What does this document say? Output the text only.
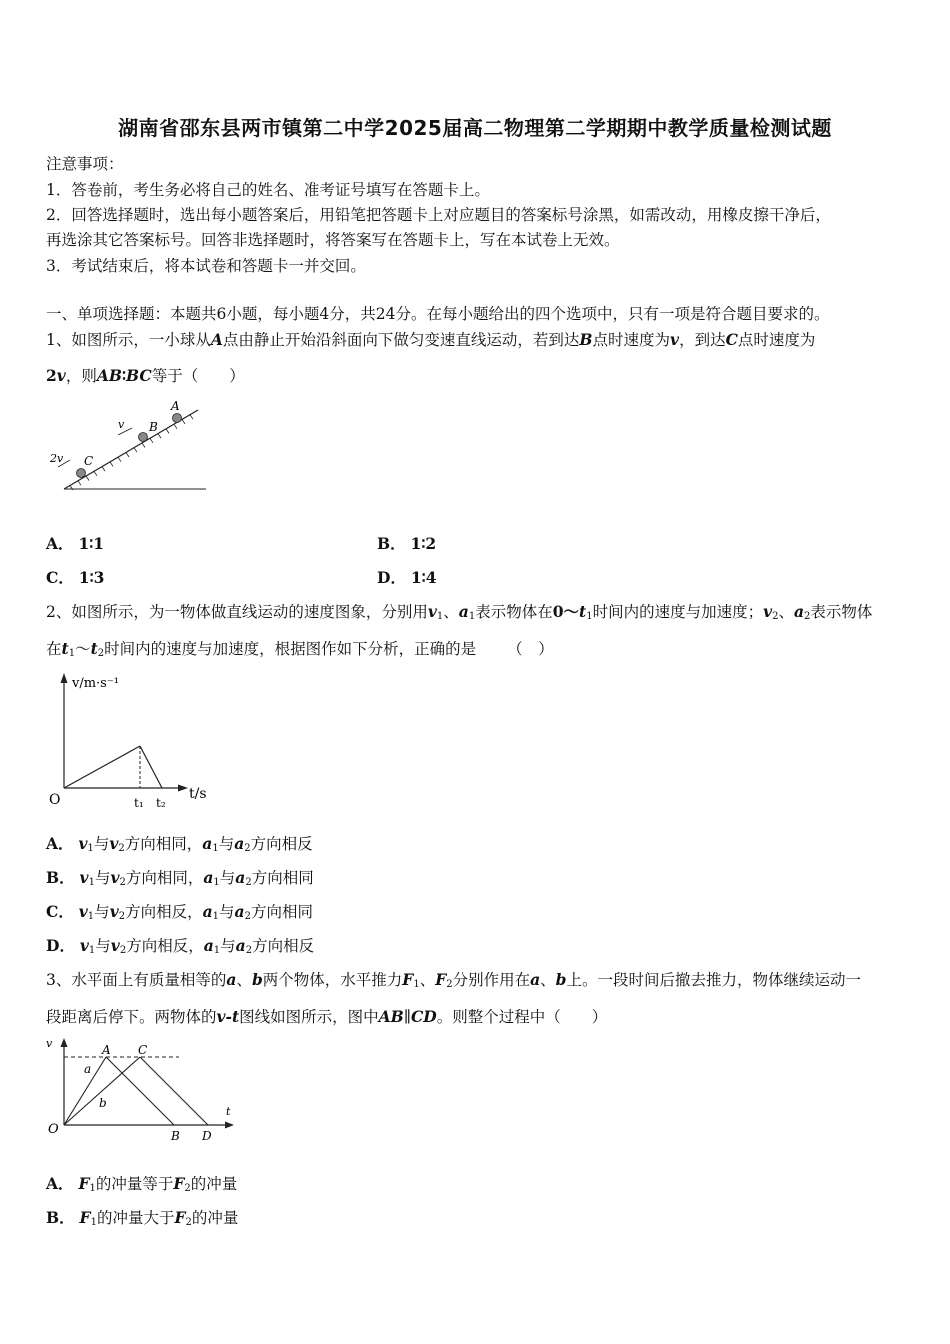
湖南省邵东县两市镇第二中学2025届高二物理第二学期期中教学质量检测试题
注意事项：
1．答卷前，考生务必将自己的姓名、准考证号填写在答题卡上。
2．回答选择题时，选出每小题答案后，用铅笔把答题卡上对应题目的答案标号涂黑，如需改动，用橡皮擦干净后，
再选涂其它答案标号。回答非选择题时，将答案写在答题卡上，写在本试卷上无效。
3．考试结束后，将本试卷和答题卡一并交回。
一、单项选择题：本题共6小题，每小题4分，共24分。在每小题给出的四个选项中，只有一项是符合题目要求的。
1、如图所示，一小球从A点由静止开始沿斜面向下做匀变速直线运动，若到达B点时速度为v，到达C点时速度为
2v，则AB∶BC等于（　　）
A
B
C
v
2v
A． 1∶1	B． 1∶2
C． 1∶3	D． 1∶4
2、如图所示，为一物体做直线运动的速度图象，分别用$v_1$、$a_1$表示物体在$0\sim t_1$时间内的速度与加速度；$v_2$、$a_2$表示物体
在$t_1\sim t_2$时间内的速度与加速度，根据图作如下分析，正确的是   （　）
v/m·s⁻¹
t/s
O	t₁ t₂
A． $v_1$与$v_2$方向相同，$a_1$与$a_2$方向相反
B． $v_1$与$v_2$方向相同，$a_1$与$a_2$方向相同
C． $v_1$与$v_2$方向相反，$a_1$与$a_2$方向相同
D． $v_1$与$v_2$方向相反，$a_1$与$a_2$方向相反
3、水平面上有质量相等的a、b两个物体，水平推力$F_1$、$F_2$分别作用在a、b上。一段时间后撤去推力，物体继续运动一
段距离后停下。两物体的v-t图线如图所示，图中AB∥CD。则整个过程中（　　）
v
t
O
A C
B D
a
b
A． $F_1$的冲量等于$F_2$的冲量
B． $F_1$的冲量大于$F_2$的冲量
